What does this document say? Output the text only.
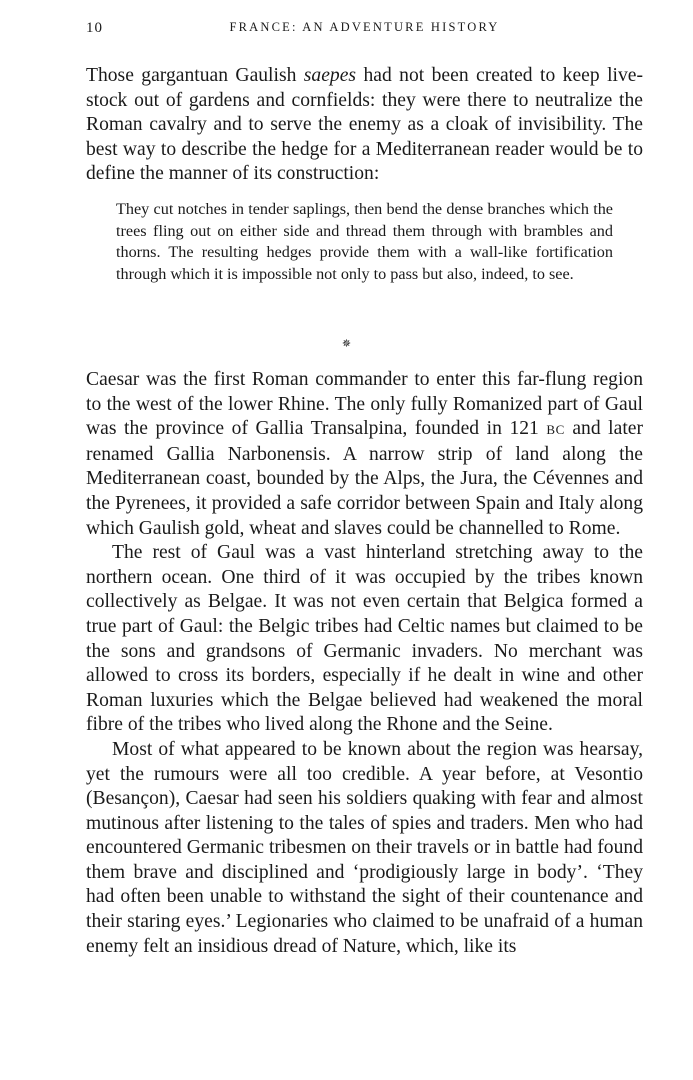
10	FRANCE: AN ADVENTURE HISTORY

Those gargantuan Gaulish saepes had not been created to keep livestock out of gardens and cornfields: they were there to neutralize the Roman cavalry and to serve the enemy as a cloak of invisibility. The best way to describe the hedge for a Mediterranean reader would be to define the manner of its construction:

They cut notches in tender saplings, then bend the dense branches which the trees fling out on either side and thread them through with brambles and thorns. The resulting hedges provide them with a wall-like fortification through which it is impossible not only to pass but also, indeed, to see.

✵

Caesar was the first Roman commander to enter this far-flung region to the west of the lower Rhine. The only fully Romanized part of Gaul was the province of Gallia Transalpina, founded in 121 BC and later renamed Gallia Narbonensis. A narrow strip of land along the Mediterranean coast, bounded by the Alps, the Jura, the Cévennes and the Pyrenees, it provided a safe corridor between Spain and Italy along which Gaulish gold, wheat and slaves could be channelled to Rome.

The rest of Gaul was a vast hinterland stretching away to the northern ocean. One third of it was occupied by the tribes known collectively as Belgae. It was not even certain that Belgica formed a true part of Gaul: the Belgic tribes had Celtic names but claimed to be the sons and grandsons of Germanic invaders. No merchant was allowed to cross its borders, especially if he dealt in wine and other Roman luxuries which the Belgae believed had weakened the moral fibre of the tribes who lived along the Rhone and the Seine.

Most of what appeared to be known about the region was hearsay, yet the rumours were all too credible. A year before, at Vesontio (Besançon), Caesar had seen his soldiers quaking with fear and almost mutinous after listening to the tales of spies and traders. Men who had encountered Germanic tribesmen on their travels or in battle had found them brave and disciplined and ‘prodigiously large in body’. ‘They had often been unable to withstand the sight of their countenance and their staring eyes.’ Legionaries who claimed to be unafraid of a human enemy felt an insidious dread of Nature, which, like its
